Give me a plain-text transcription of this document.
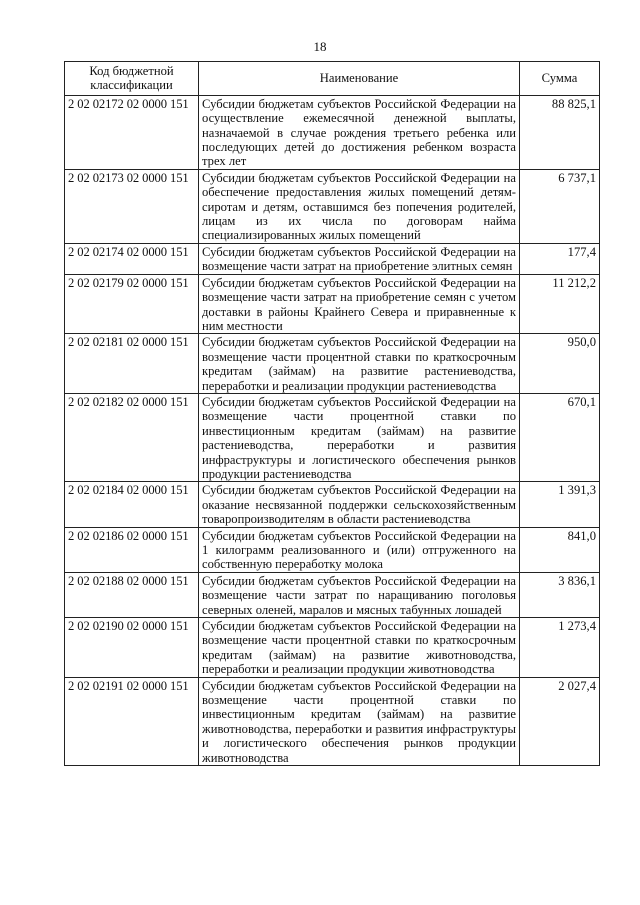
18
Код бюджетной классификации	Наименование	Сумма
2 02 02172 02 0000 151	Субсидии бюджетам субъектов Российской Федерации на осуществление ежемесячной денежной выплаты, назначаемой в случае рождения третьего ребенка или последующих детей до достижения ребенком возраста трех лет	88 825,1
2 02 02173 02 0000 151	Субсидии бюджетам субъектов Российской Федерации на обеспечение предоставления жилых помещений детям-сиротам и детям, оставшимся без попечения родителей, лицам из их числа по договорам найма специализированных жилых помещений	6 737,1
2 02 02174 02 0000 151	Субсидии бюджетам субъектов Российской Федерации на возмещение части затрат на приобретение элитных семян	177,4
2 02 02179 02 0000 151	Субсидии бюджетам субъектов Российской Федерации на возмещение части затрат на приобретение семян с учетом доставки в районы Крайнего Севера и приравненные к ним местности	11 212,2
2 02 02181 02 0000 151	Субсидии бюджетам субъектов Российской Федерации на возмещение части процентной ставки по краткосрочным кредитам (займам) на развитие растениеводства, переработки и реализации продукции растениеводства	950,0
2 02 02182 02 0000 151	Субсидии бюджетам субъектов Российской Федерации на возмещение части процентной ставки по инвестиционным кредитам (займам) на развитие растениеводства, переработки и развития инфраструктуры и логистического обеспечения рынков продукции растениеводства	670,1
2 02 02184 02 0000 151	Субсидии бюджетам субъектов Российской Федерации на оказание несвязанной поддержки сельскохозяйственным товаропроизводителям в области растениеводства	1 391,3
2 02 02186 02 0000 151	Субсидии бюджетам субъектов Российской Федерации на 1 килограмм реализованного и (или) отгруженного на собственную переработку молока	841,0
2 02 02188 02 0000 151	Субсидии бюджетам субъектов Российской Федерации на возмещение части затрат по наращиванию поголовья северных оленей, маралов и мясных табунных лошадей	3 836,1
2 02 02190 02 0000 151	Субсидии бюджетам субъектов Российской Федерации на возмещение части процентной ставки по краткосрочным кредитам (займам) на развитие животноводства, переработки и реализации продукции животноводства	1 273,4
2 02 02191 02 0000 151	Субсидии бюджетам субъектов Российской Федерации на возмещение части процентной ставки по инвестиционным кредитам (займам) на развитие животноводства, переработки и развития инфраструктуры и логистического обеспечения рынков продукции животноводства	2 027,4
